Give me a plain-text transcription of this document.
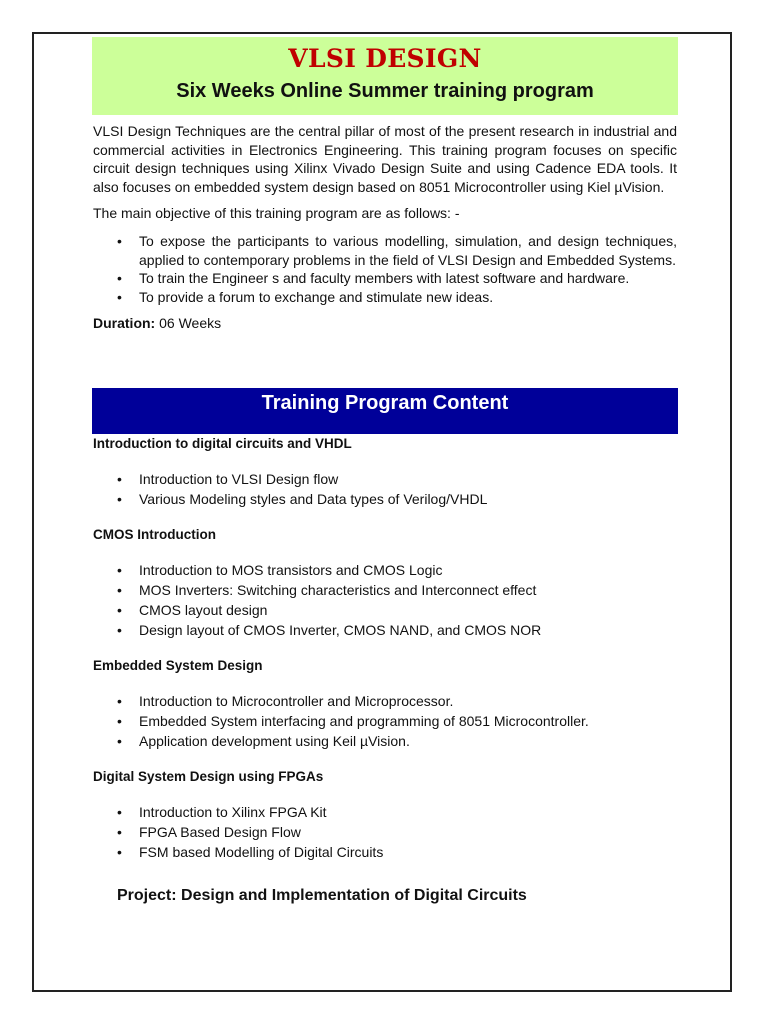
VLSI DESIGN
Six Weeks Online Summer training program

VLSI Design Techniques are the central pillar of most of the present research in industrial and commercial activities in Electronics Engineering. This training program focuses on specific circuit design techniques using Xilinx Vivado Design Suite and using Cadence EDA tools. It also focuses on embedded system design based on 8051 Microcontroller using Kiel µVision.

The main objective of this training program are as follows: -

• To expose the participants to various modelling, simulation, and design techniques, applied to contemporary problems in the field of VLSI Design and Embedded Systems.
• To train the Engineer s and faculty members with latest software and hardware.
• To provide a forum to exchange and stimulate new ideas.
Duration: 06 Weeks
Training Program Content

Introduction to digital circuits and VHDL

• Introduction to VLSI Design flow
• Various Modeling styles and Data types of Verilog/VHDL

CMOS Introduction

• Introduction to MOS transistors and CMOS Logic
• MOS Inverters: Switching characteristics and Interconnect effect
• CMOS layout design
• Design layout of CMOS Inverter, CMOS NAND, and CMOS NOR

Embedded System Design

• Introduction to Microcontroller and Microprocessor.
• Embedded System interfacing and programming of 8051 Microcontroller.
• Application development using Keil µVision.

Digital System Design using FPGAs

• Introduction to Xilinx FPGA Kit
• FPGA Based Design Flow
• FSM based Modelling of Digital Circuits
Project: Design and Implementation of Digital Circuits
